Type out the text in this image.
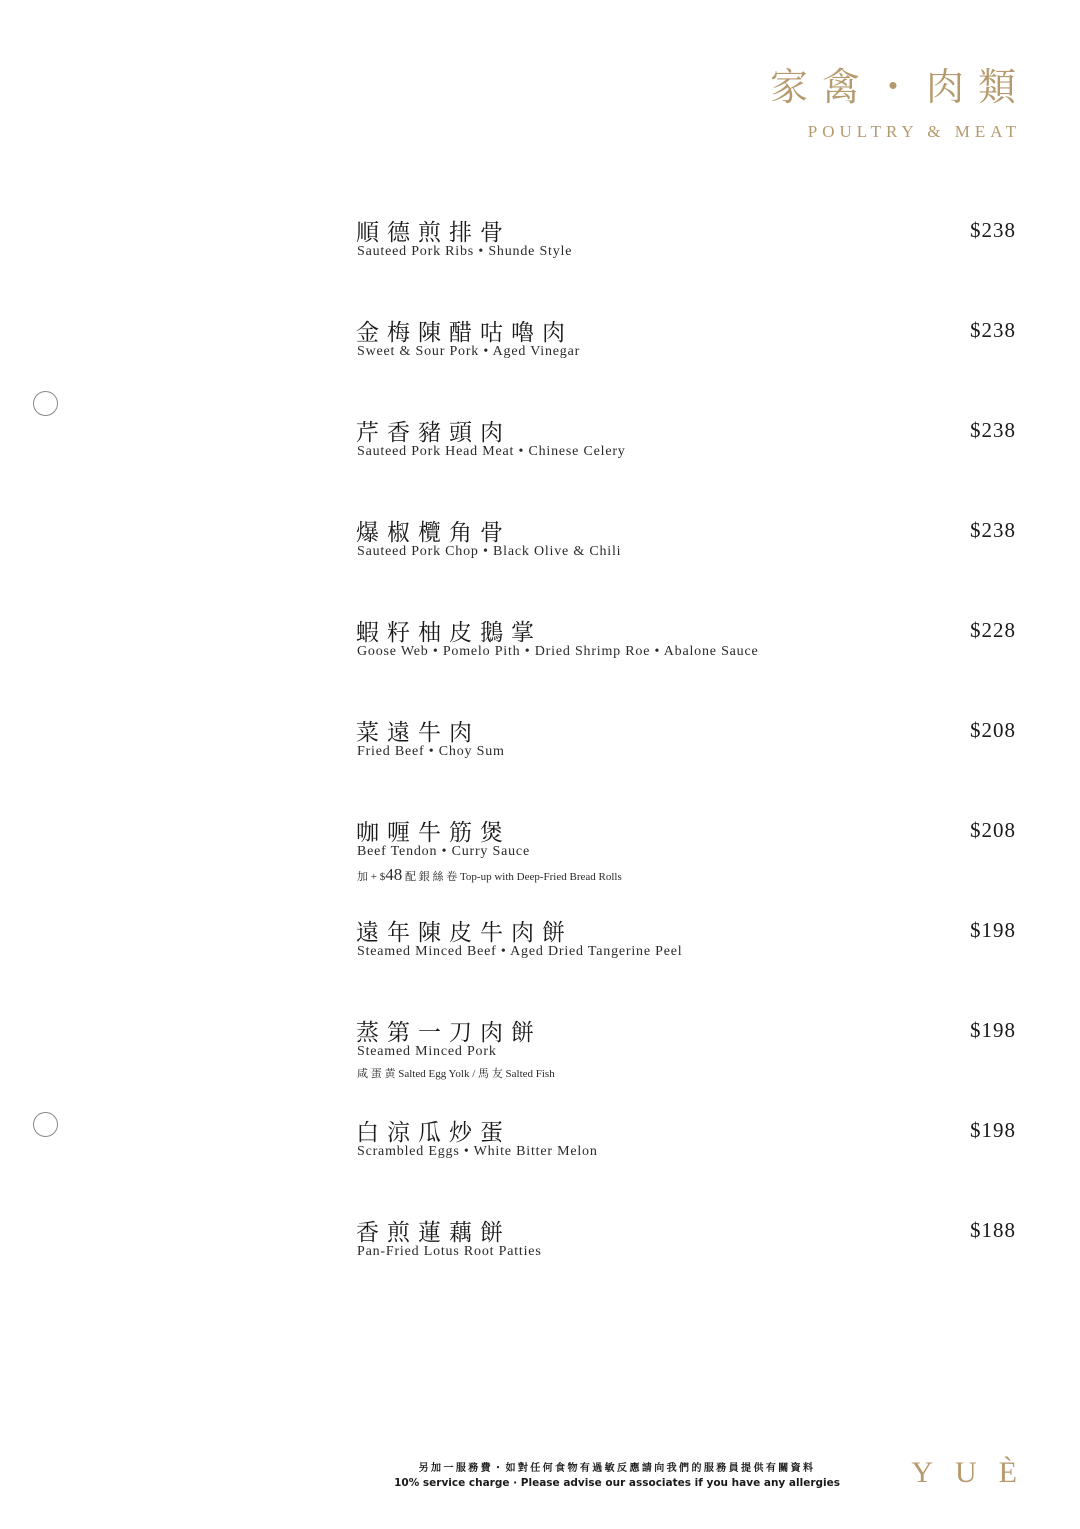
家禽・肉類
POULTRY & MEAT
順德煎排骨
Sauteed Pork Ribs • Shunde Style
$238
金梅陳醋咕嚕肉
Sweet & Sour Pork • Aged Vinegar
$238
芹香豬頭肉
Sauteed Pork Head Meat • Chinese Celery
$238
爆椒欖角骨
Sauteed Pork Chop • Black Olive & Chili
$238
蝦籽柚皮鵝掌
Goose Web • Pomelo Pith • Dried Shrimp Roe • Abalone Sauce
$228
菜遠牛肉
Fried Beef • Choy Sum
$208
咖喱牛筋煲
Beef Tendon • Curry Sauce
加 + $48 配 銀 絲 卷 Top-up with Deep-Fried Bread Rolls
$208
遠年陳皮牛肉餅
Steamed Minced Beef • Aged Dried Tangerine Peel
$198
蒸第一刀肉餅
Steamed Minced Pork
咸 蛋 黄 Salted Egg Yolk / 馬 友 Salted Fish
$198
白涼瓜炒蛋
Scrambled Eggs • White Bitter Melon
$198
香煎蓮藕餅
Pan-Fried Lotus Root Patties
$188
另加一服務費・如對任何食物有過敏反應請向我們的服務員提供有關資料
10% service charge · Please advise our associates if you have any allergies YUÈ
